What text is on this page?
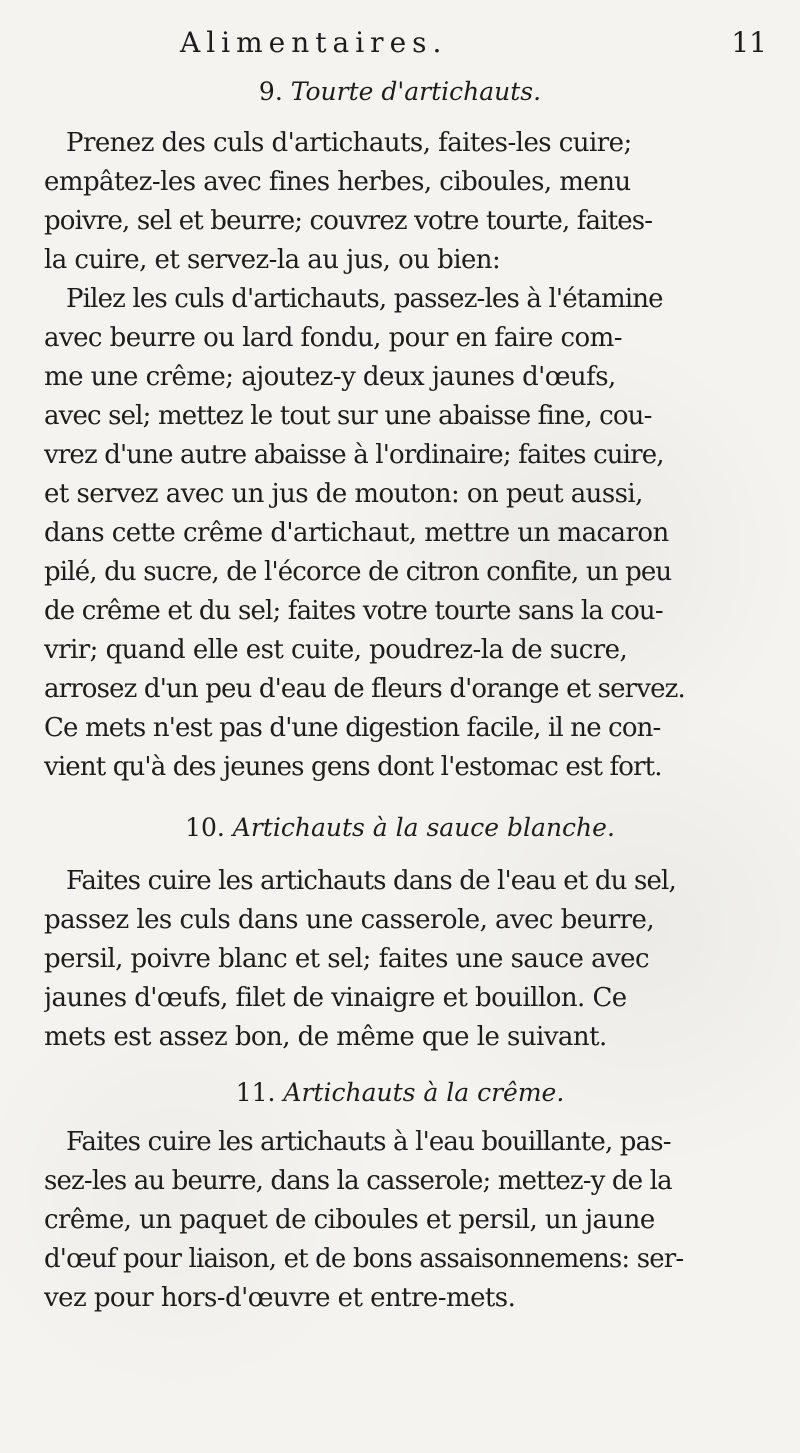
Alimentaires.	11
9. Tourte d'artichauts.
Prenez des culs d'artichauts, faites-les cuire;
empâtez-les avec fines herbes, ciboules, menu
poivre, sel et beurre; couvrez votre tourte, faites-
la cuire, et servez-la au jus, ou bien:
Pilez les culs d'artichauts, passez-les à l'étamine
avec beurre ou lard fondu, pour en faire com-
me une crême; ajoutez-y deux jaunes d'œufs,
avec sel; mettez le tout sur une abaisse fine, cou-
vrez d'une autre abaisse à l'ordinaire; faites cuire,
et servez avec un jus de mouton: on peut aussi,
dans cette crême d'artichaut, mettre un macaron
pilé, du sucre, de l'écorce de citron confite, un peu
de crême et du sel; faites votre tourte sans la cou-
vrir; quand elle est cuite, poudrez-la de sucre,
arrosez d'un peu d'eau de fleurs d'orange et servez.
Ce mets n'est pas d'une digestion facile, il ne con-
vient qu'à des jeunes gens dont l'estomac est fort.
10. Artichauts à la sauce blanche.
Faites cuire les artichauts dans de l'eau et du sel,
passez les culs dans une casserole, avec beurre,
persil, poivre blanc et sel; faites une sauce avec
jaunes d'œufs, filet de vinaigre et bouillon. Ce
mets est assez bon, de même que le suivant.
11. Artichauts à la crême.
Faites cuire les artichauts à l'eau bouillante, pas-
sez-les au beurre, dans la casserole; mettez-y de la
crême, un paquet de ciboules et persil, un jaune
d'œuf pour liaison, et de bons assaisonnemens: ser-
vez pour hors-d'œuvre et entre-mets.
